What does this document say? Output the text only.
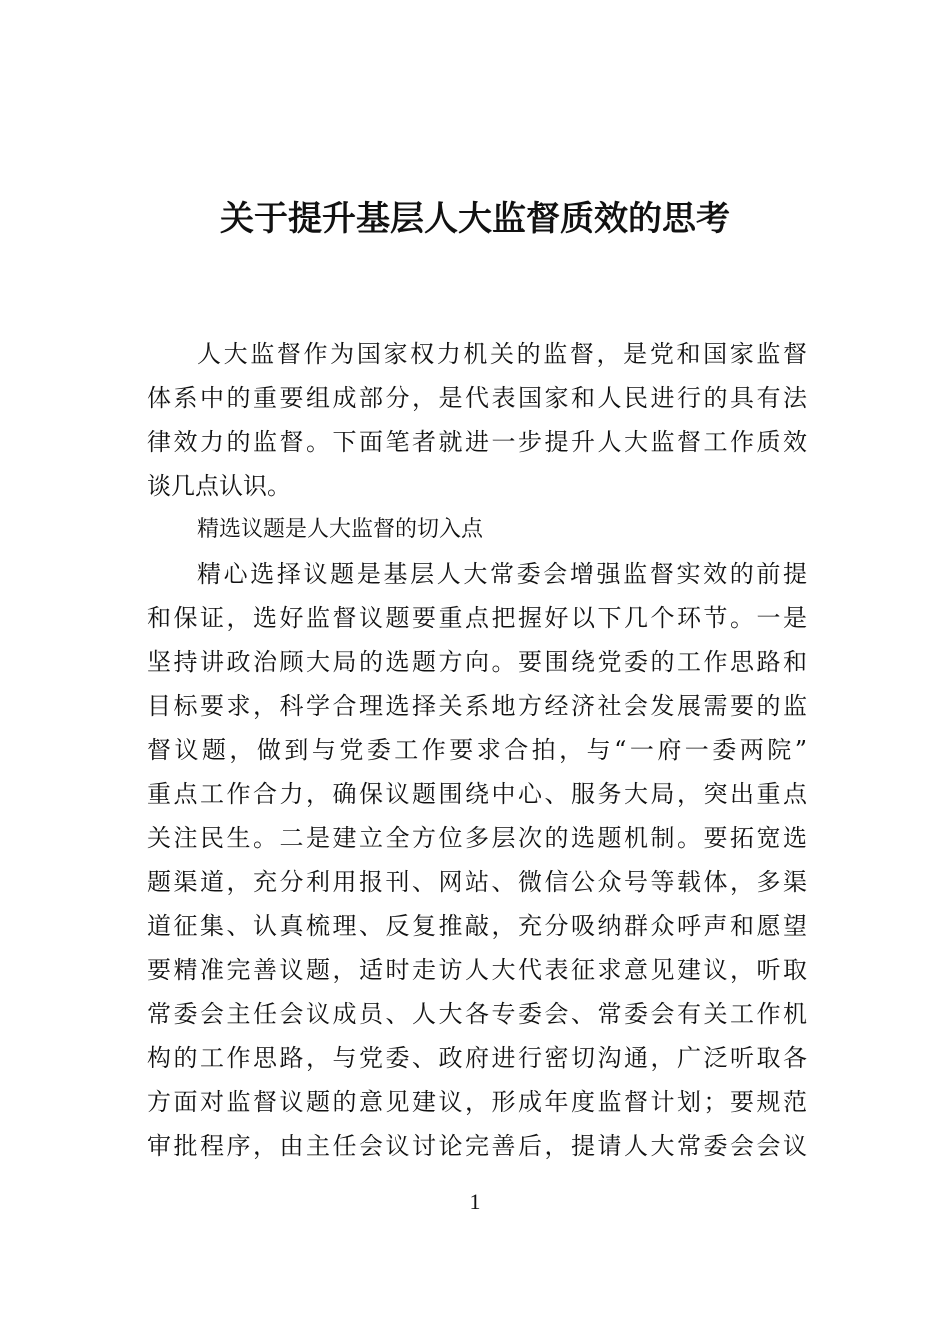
关于提升基层人大监督质效的思考
人大监督作为国家权力机关的监督，是党和国家监督
体系中的重要组成部分，是代表国家和人民进行的具有法
律效力的监督。下面笔者就进一步提升人大监督工作质效
谈几点认识。
精选议题是人大监督的切入点
精心选择议题是基层人大常委会增强监督实效的前提
和保证，选好监督议题要重点把握好以下几个环节。一是
坚持讲政治顾大局的选题方向。要围绕党委的工作思路和
目标要求，科学合理选择关系地方经济社会发展需要的监
督议题，做到与党委工作要求合拍，与“一府一委两院”
重点工作合力，确保议题围绕中心、服务大局，突出重点
关注民生。二是建立全方位多层次的选题机制。要拓宽选
题渠道，充分利用报刊、网站、微信公众号等载体，多渠
道征集、认真梳理、反复推敲，充分吸纳群众呼声和愿望
要精准完善议题，适时走访人大代表征求意见建议，听取
常委会主任会议成员、人大各专委会、常委会有关工作机
构的工作思路，与党委、政府进行密切沟通，广泛听取各
方面对监督议题的意见建议，形成年度监督计划；要规范
审批程序，由主任会议讨论完善后，提请人大常委会会议
1
